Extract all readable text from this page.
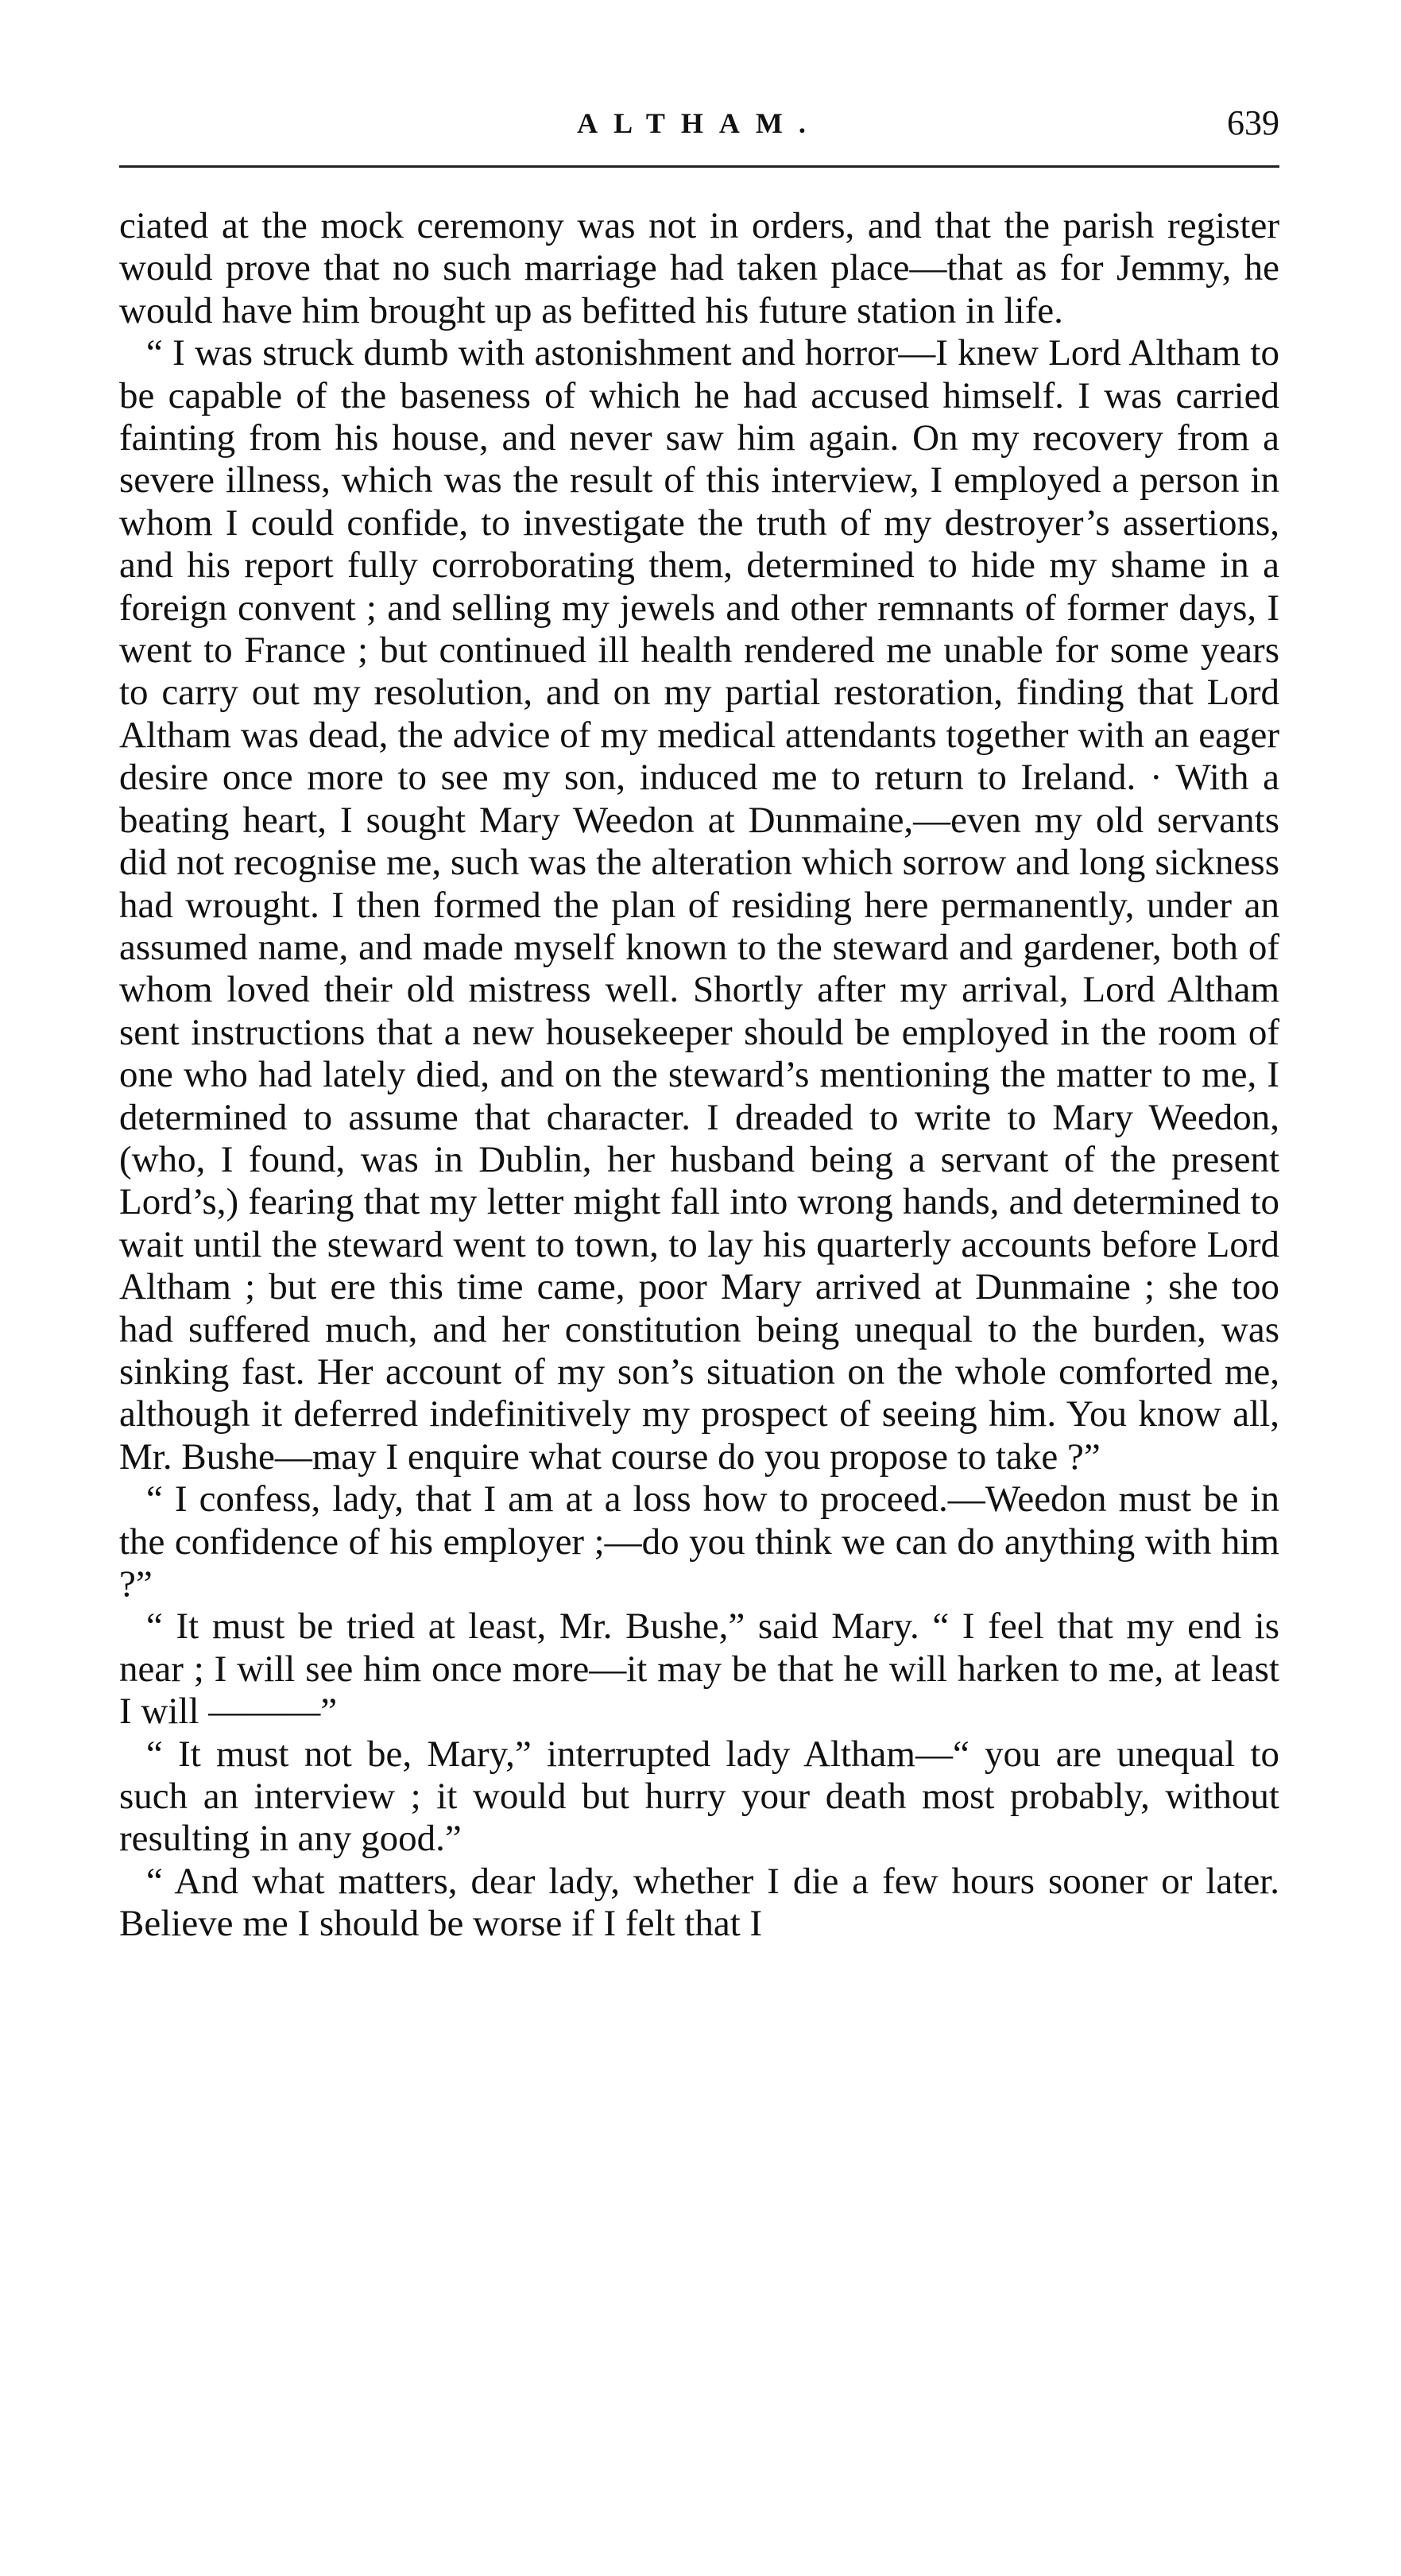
ALTHAM.	639

ciated at the mock ceremony was not in orders, and that the parish register would prove that no such marriage had taken place—that as for Jemmy, he would have him brought up as befitted his future station in life.

“ I was struck dumb with astonishment and horror—I knew Lord Altham to be capable of the baseness of which he had accused himself. I was carried fainting from his house, and never saw him again. On my recovery from a severe illness, which was the result of this interview, I employed a person in whom I could confide, to investigate the truth of my destroyer’s assertions, and his report fully corroborating them, determined to hide my shame in a foreign convent ; and selling my jewels and other remnants of former days, I went to France ; but continued ill health rendered me unable for some years to carry out my resolution, and on my partial restoration, finding that Lord Altham was dead, the advice of my medical attendants together with an eager desire once more to see my son, induced me to return to Ireland. · With a beating heart, I sought Mary Weedon at Dunmaine,—even my old servants did not recognise me, such was the alteration which sorrow and long sickness had wrought. I then formed the plan of residing here permanently, under an assumed name, and made myself known to the steward and gardener, both of whom loved their old mistress well. Shortly after my arrival, Lord Altham sent instructions that a new housekeeper should be employed in the room of one who had lately died, and on the steward’s mentioning the matter to me, I determined to assume that character. I dreaded to write to Mary Weedon, (who, I found, was in Dublin, her husband being a servant of the present Lord’s,) fearing that my letter might fall into wrong hands, and determined to wait until the steward went to town, to lay his quarterly accounts before Lord Altham ; but ere this time came, poor Mary arrived at Dunmaine ; she too had suffered much, and her constitution being unequal to the burden, was sinking fast. Her account of my son’s situation on the whole comforted me, although it deferred indefinitively my prospect of seeing him. You know all, Mr. Bushe—may I enquire what course do you propose to take ?”

“ I confess, lady, that I am at a loss how to proceed.—Weedon must be in the confidence of his employer ;—do you think we can do anything with him ?”

“ It must be tried at least, Mr. Bushe,” said Mary. “ I feel that my end is near ; I will see him once more—it may be that he will harken to me, at least I will ———”

“ It must not be, Mary,” interrupted lady Altham—“ you are unequal to such an interview ; it would but hurry your death most probably, without resulting in any good.”

“ And what matters, dear lady, whether I die a few hours sooner or later. Believe me I should be worse if I felt that I
